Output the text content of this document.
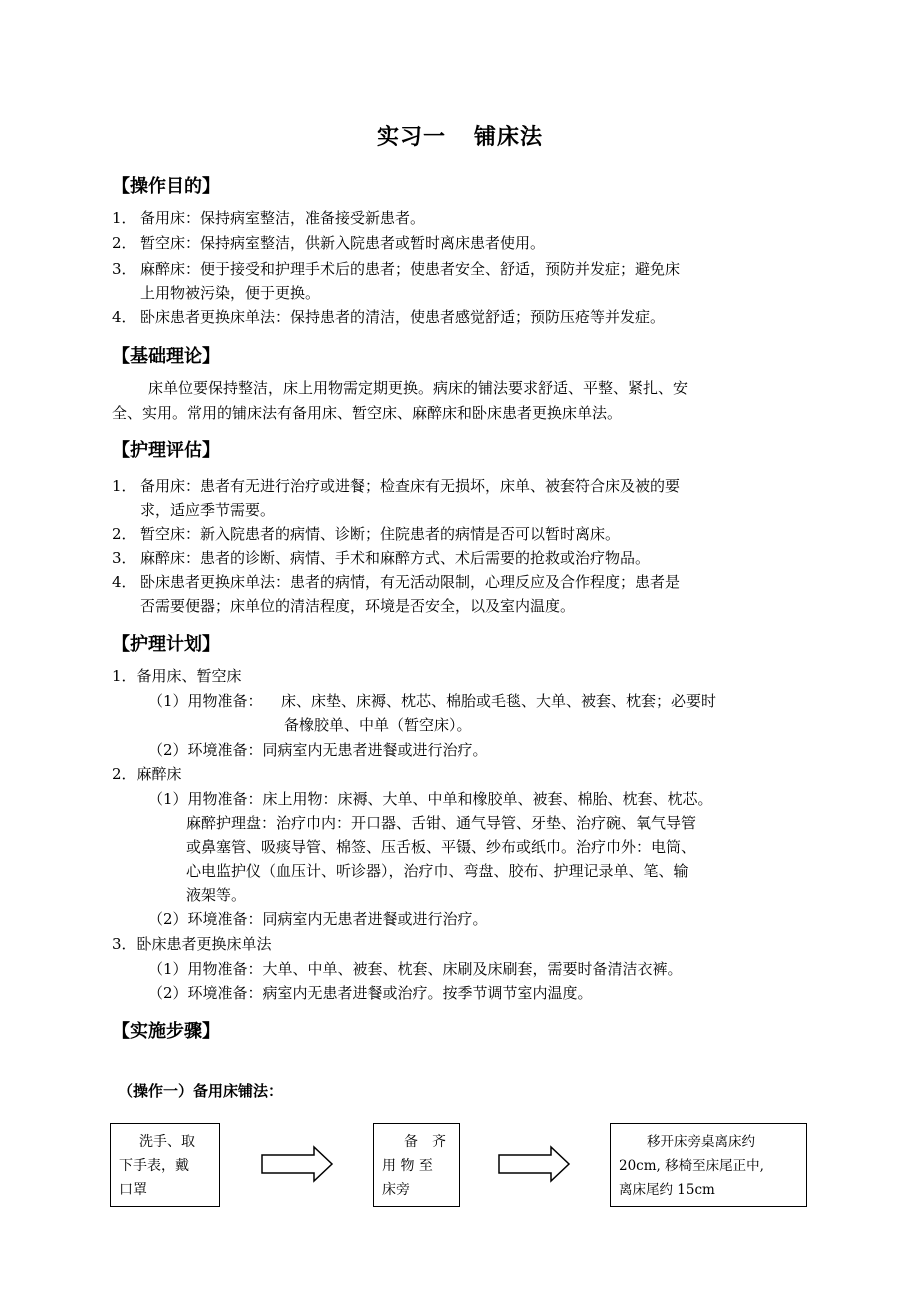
实习一 铺床法
【操作目的】
1． 备用床：保持病室整洁，准备接受新患者。
2． 暂空床：保持病室整洁，供新入院患者或暂时离床患者使用。
3． 麻醉床：便于接受和护理手术后的患者；使患者安全、舒适，预防并发症；避免床
上用物被污染，便于更换。
4． 卧床患者更换床单法：保持患者的清洁，使患者感觉舒适；预防压疮等并发症。
【基础理论】
床单位要保持整洁，床上用物需定期更换。病床的铺法要求舒适、平整、紧扎、安
全、实用。常用的铺床法有备用床、暂空床、麻醉床和卧床患者更换床单法。
【护理评估】
1． 备用床：患者有无进行治疗或进餐；检查床有无损坏，床单、被套符合床及被的要
求，适应季节需要。
2． 暂空床：新入院患者的病情、诊断；住院患者的病情是否可以暂时离床。
3． 麻醉床：患者的诊断、病情、手术和麻醉方式、术后需要的抢救或治疗物品。
4． 卧床患者更换床单法：患者的病情，有无活动限制，心理反应及合作程度；患者是
否需要便器；床单位的清洁程度，环境是否安全，以及室内温度。
【护理计划】
1．备用床、暂空床
（1）用物准备： 床、床垫、床褥、枕芯、棉胎或毛毯、大单、被套、枕套；必要时
备橡胶单、中单（暂空床）。
（2）环境准备：同病室内无患者进餐或进行治疗。
2．麻醉床
（1）用物准备：床上用物：床褥、大单、中单和橡胶单、被套、棉胎、枕套、枕芯。
麻醉护理盘：治疗巾内：开口器、舌钳、通气导管、牙垫、治疗碗、氧气导管
或鼻塞管、吸痰导管、棉签、压舌板、平镊、纱布或纸巾。治疗巾外：电筒、
心电监护仪（血压计、听诊器），治疗巾、弯盘、胶布、护理记录单、笔、输
液架等。
（2）环境准备：同病室内无患者进餐或进行治疗。
3．卧床患者更换床单法
（1）用物准备：大单、中单、被套、枕套、床刷及床刷套，需要时备清洁衣裤。
（2）环境准备：病室内无患者进餐或治疗。按季节调节室内温度。
【实施步骤】
（操作一）备用床铺法：
洗手、取
下手表，戴
口罩
备　齐
用 物 至
床旁
移开床旁桌离床约
20cm, 移椅至床尾正中,
离床尾约 15cm
